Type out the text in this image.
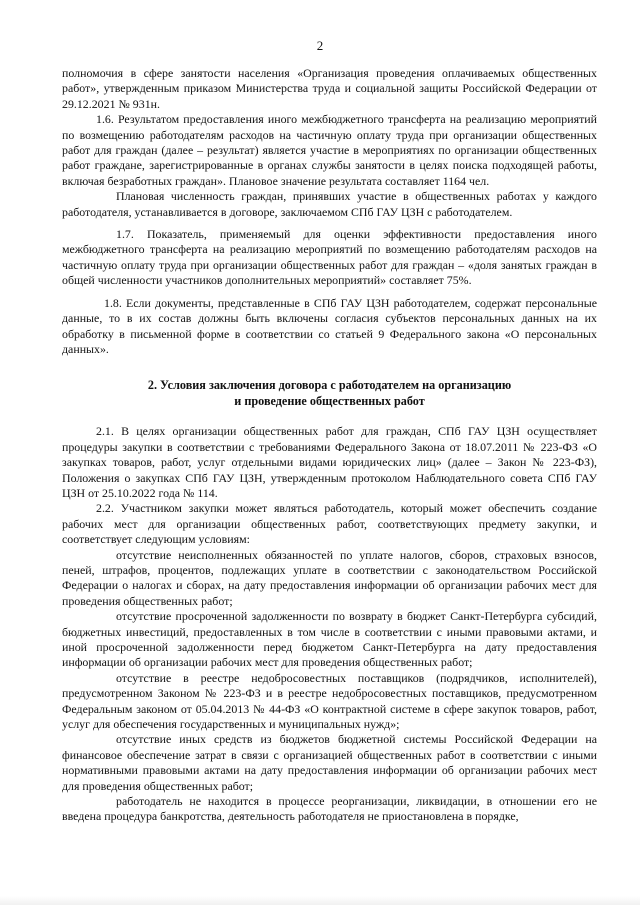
2

полномочия в сфере занятости населения «Организация проведения оплачиваемых общественных работ», утвержденным приказом Министерства труда и социальной защиты Российской Федерации от 29.12.2021 № 931н.

1.6. Результатом предоставления иного межбюджетного трансферта на реализацию мероприятий по возмещению работодателям расходов на частичную оплату труда при организации общественных работ для граждан (далее – результат) является участие в мероприятиях по организации общественных работ граждане, зарегистрированные в органах службы занятости в целях поиска подходящей работы, включая безработных граждан». Плановое значение результата составляет 1164 чел.

Плановая численность граждан, принявших участие в общественных работах у каждого работодателя, устанавливается в договоре, заключаемом СПб ГАУ ЦЗН с работодателем.

1.7. Показатель, применяемый для оценки эффективности предоставления иного межбюджетного трансферта на реализацию мероприятий по возмещению работодателям расходов на частичную оплату труда при организации общественных работ для граждан – «доля занятых граждан в общей численности участников дополнительных мероприятий» составляет 75%.

1.8. Если документы, представленные в СПб ГАУ ЦЗН работодателем, содержат персональные данные, то в их состав должны быть включены согласия субъектов персональных данных на их обработку в письменной форме в соответствии со статьей 9 Федерального закона «О персональных данных».

2. Условия заключения договора с работодателем на организацию
и проведение общественных работ

2.1. В целях организации общественных работ для граждан, СПб ГАУ ЦЗН осуществляет процедуры закупки в соответствии с требованиями Федерального Закона от 18.07.2011 № 223-ФЗ «О закупках товаров, работ, услуг отдельными видами юридических лиц» (далее – Закон № 223-ФЗ), Положения о закупках СПб ГАУ ЦЗН, утвержденным протоколом Наблюдательного совета СПб ГАУ ЦЗН от 25.10.2022 года № 114.

2.2. Участником закупки может являться работодатель, который может обеспечить создание рабочих мест для организации общественных работ, соответствующих предмету закупки, и соответствует следующим условиям:

отсутствие неисполненных обязанностей по уплате налогов, сборов, страховых взносов, пеней, штрафов, процентов, подлежащих уплате в соответствии с законодательством Российской Федерации о налогах и сборах, на дату предоставления информации об организации рабочих мест для проведения общественных работ;

отсутствие просроченной задолженности по возврату в бюджет Санкт-Петербурга субсидий, бюджетных инвестиций, предоставленных в том числе в соответствии с иными правовыми актами, и иной просроченной задолженности перед бюджетом Санкт-Петербурга на дату предоставления информации об организации рабочих мест для проведения общественных работ;

отсутствие в реестре недобросовестных поставщиков (подрядчиков, исполнителей), предусмотренном Законом № 223-ФЗ и в реестре недобросовестных поставщиков, предусмотренном Федеральным законом от 05.04.2013 № 44-ФЗ «О контрактной системе в сфере закупок товаров, работ, услуг для обеспечения государственных и муниципальных нужд»;

отсутствие иных средств из бюджетов бюджетной системы Российской Федерации на финансовое обеспечение затрат в связи с организацией общественных работ в соответствии с иными нормативными правовыми актами на дату предоставления информации об организации рабочих мест для проведения общественных работ;

работодатель не находится в процессе реорганизации, ликвидации, в отношении его не введена процедура банкротства, деятельность работодателя не приостановлена в порядке,
